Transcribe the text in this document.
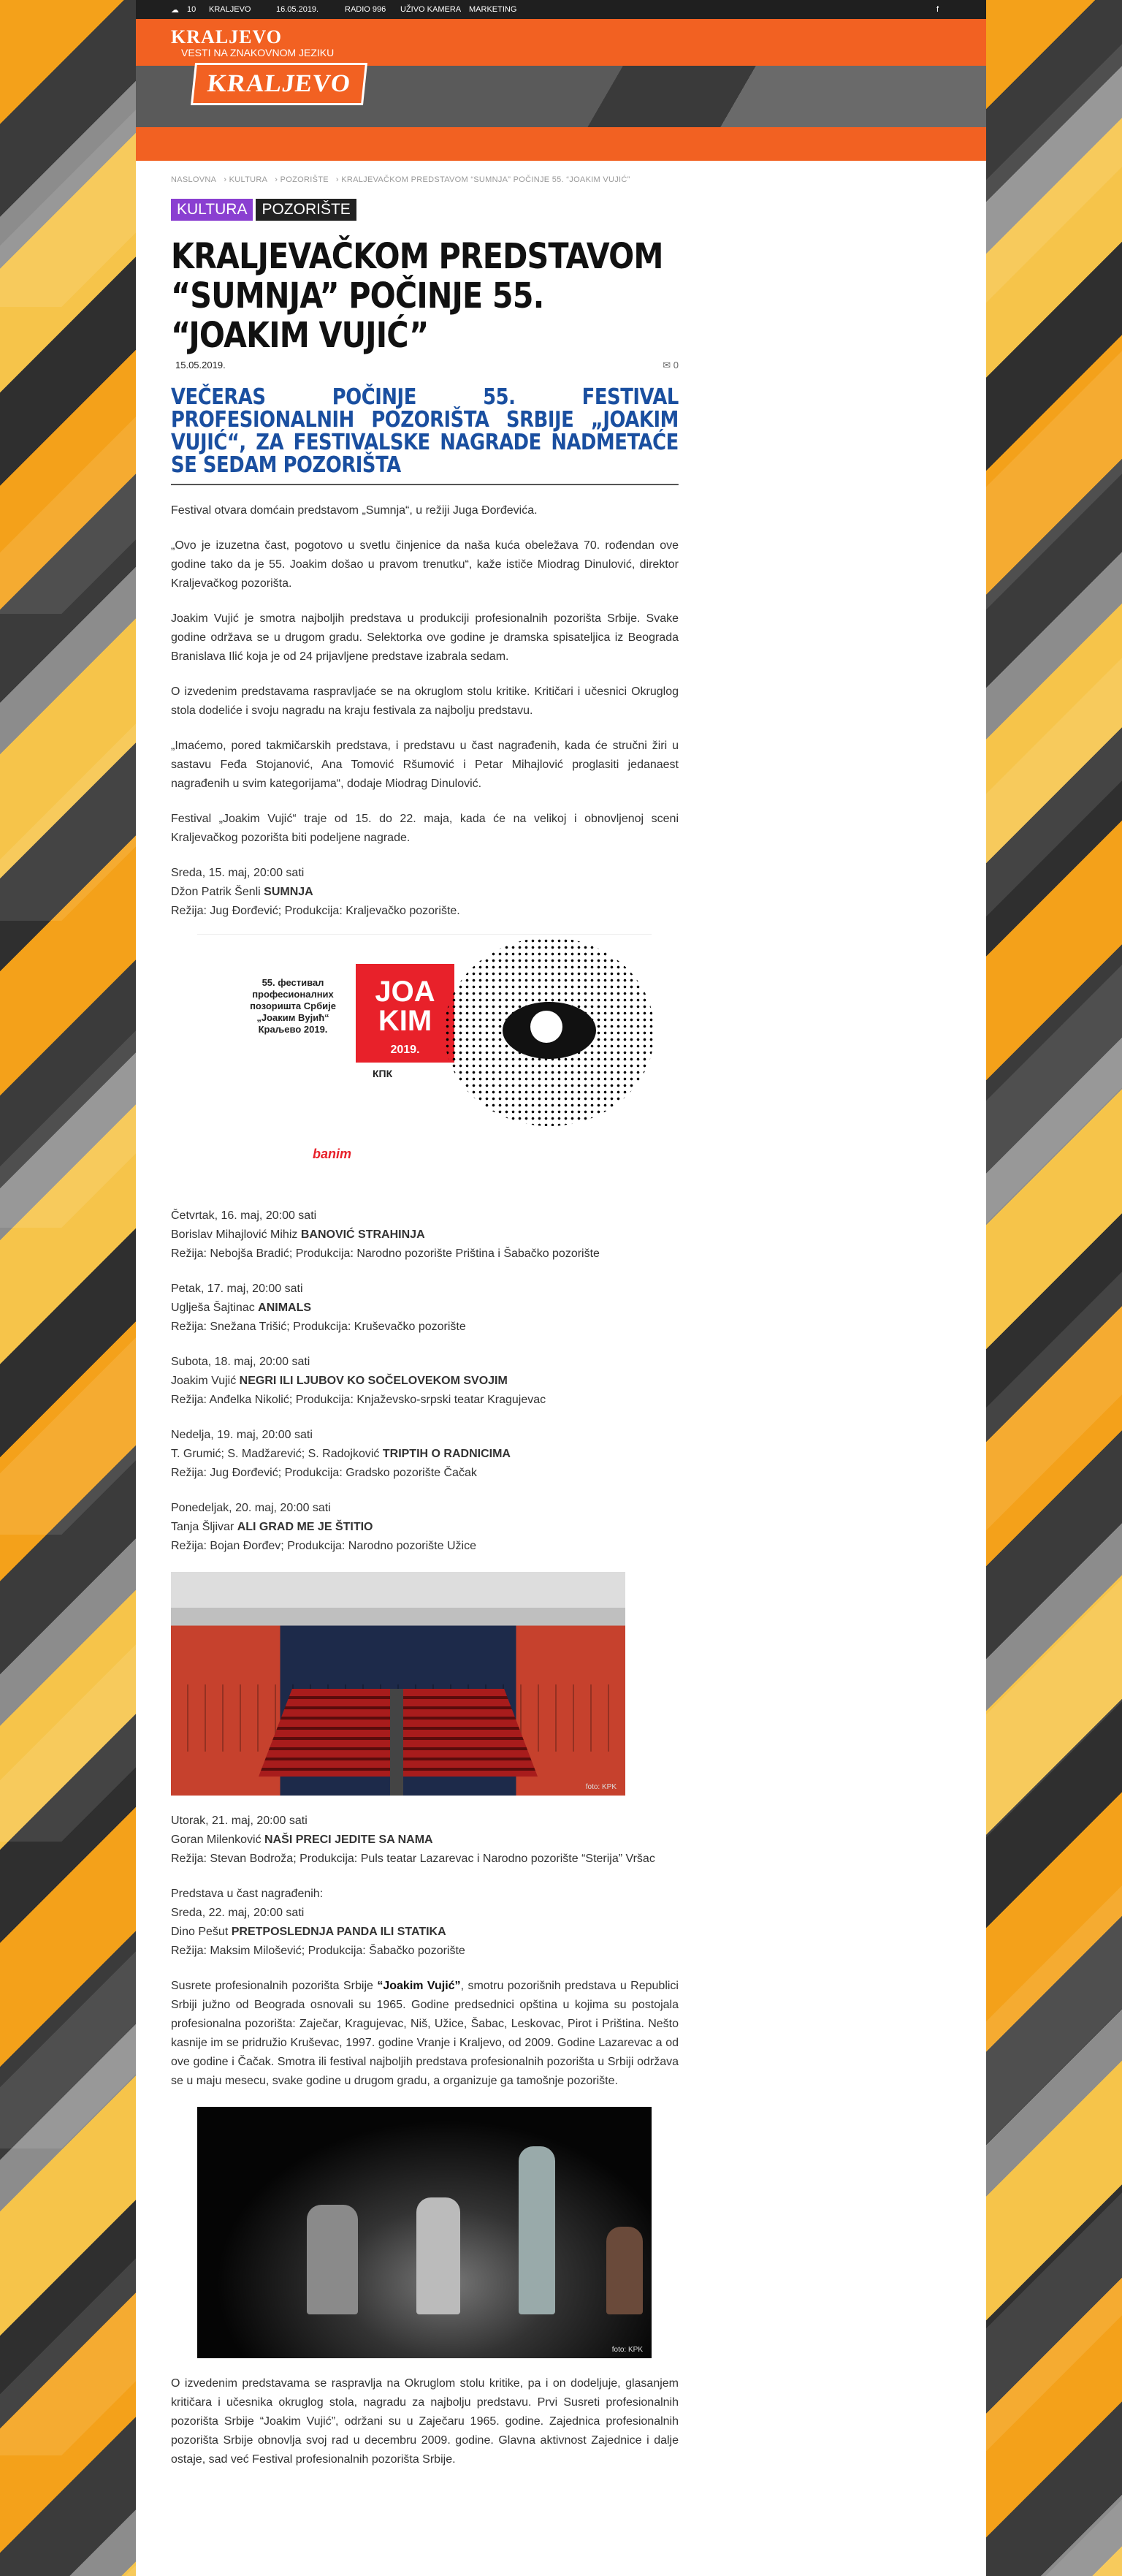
☁ 10 KRALJEVO	16.05.2019.	RADIO 996 UŽIVO KAMERA MARKETING	f
KRALJEVO
VESTI NA ZNAKOVNOM JEZIKU
KRALJEVO
NASLOVNA › KULTURA › POZORIŠTE › KRALJEVAČKOM PREDSTAVOM “SUMNJA” POČINJE 55. “JOAKIM VUJIĆ”
KULTURA POZORIŠTE
KRALJEVAČKOM PREDSTAVOM “SUMNJA” POČINJE 55. “JOAKIM VUJIĆ”
15.05.2019.	✉ 0
VEČERAS POČINJE 55. FESTIVAL PROFESIONALNIH POZORIŠTA SRBIJE „JOAKIM VUJIĆ“, ZA FESTIVALSKE NAGRADE NADMETAĆE SE SEDAM POZORIŠTA

Festival otvara domćain predstavom „Sumnja“, u režiji Juga Đorđevića.

„Ovo je izuzetna čast, pogotovo u svetlu činjenice da naša kuća obeležava 70. rođendan ove godine tako da je 55. Joakim došao u pravom trenutku“, kaže ističe Miodrag Dinulović, direktor Kraljevačkog pozorišta.

Joakim Vujić je smotra najboljih predstava u produkciji profesionalnih pozorišta Srbije. Svake godine održava se u drugom gradu. Selektorka ove godine je dramska spisateljica iz Beograda Branislava Ilić koja je od 24 prijavljene predstave izabrala sedam.

O izvedenim predstavama raspravljaće se na okruglom stolu kritike. Kritičari i učesnici Okruglog stola dodeliće i svoju nagradu na kraju festivala za najbolju predstavu.

„Imaćemo, pored takmičarskih predstava, i predstavu u čast nagrađenih, kada će stručni žiri u sastavu Feđa Stojanović, Ana Tomović Ršumović i Petar Mihajlović proglasiti jedanaest nagrađenih u svim kategorijama“, dodaje Miodrag Dinulović.

Festival „Joakim Vujić“ traje od 15. do 22. maja, kada će na velikoj i obnovljenoj sceni Kraljevačkog pozorišta biti podeljene nagrade.

Sreda, 15. maj, 20:00 sati
Džon Patrik Šenli SUMNJA
Režija: Jug Đorđević; Produkcija: Kraljevačko pozorište.
55. фестивал професионалних позоришта Србије „Јоаким Вујић“ Краљево 2019.
JOA KIM
2019.
КПК
banim
Četvrtak, 16. maj, 20:00 sati
Borislav Mihajlović Mihiz BANOVIĆ STRAHINJA
Režija: Nebojša Bradić; Produkcija: Narodno pozorište Priština i Šabačko pozorište
Petak, 17. maj, 20:00 sati
Uglješa Šajtinac ANIMALS
Režija: Snežana Trišić; Produkcija: Kruševačko pozorište
Subota, 18. maj, 20:00 sati
Joakim Vujić NEGRI ILI LJUBOV KO SOČELOVEKOM SVOJIM
Režija: Anđelka Nikolić; Produkcija: Knjaževsko-srpski teatar Kragujevac
Nedelja, 19. maj, 20:00 sati
T. Grumić; S. Madžarević; S. Radojković TRIPTIH O RADNICIMA
Režija: Jug Đorđević; Produkcija: Gradsko pozorište Čačak
Ponedeljak, 20. maj, 20:00 sati
Tanja Šljivar ALI GRAD ME JE ŠTITIO
Režija: Bojan Đorđev; Produkcija: Narodno pozorište Užice
foto: KPK
Utorak, 21. maj, 20:00 sati
Goran Milenković NAŠI PRECI JEDITE SA NAMA
Režija: Stevan Bodroža; Produkcija: Puls teatar Lazarevac i Narodno pozorište “Sterija” Vršac
Predstava u čast nagrađenih:
Sreda, 22. maj, 20:00 sati
Dino Pešut PRETPOSLEDNJA PANDA ILI STATIKA
Režija: Maksim Milošević; Produkcija: Šabačko pozorište

Susrete profesionalnih pozorišta Srbije “Joakim Vujić”, smotru pozorišnih predstava u Republici Srbiji južno od Beograda osnovali su 1965. Godine predsednici opština u kojima su postojala profesionalna pozorišta: Zaječar, Kragujevac, Niš, Užice, Šabac, Leskovac, Pirot i Priština. Nešto kasnije im se pridružio Kruševac, 1997. godine Vranje i Kraljevo, od 2009. Godine Lazarevac a od ove godine i Čačak. Smotra ili festival najboljih predstava profesionalnih pozorišta u Srbiji održava se u maju mesecu, svake godine u drugom gradu, a organizuje ga tamošnje pozorište.

foto: KPK

O izvedenim predstavama se raspravlja na Okruglom stolu kritike, pa i on dodeljuje, glasanjem kritičara i učesnika okruglog stola, nagradu za najbolju predstavu. Prvi Susreti profesionalnih pozorišta Srbije “Joakim Vujić”, održani su u Zaječaru 1965. godine. Zajednica profesionalnih pozorišta Srbije obnovlja svoj rad u decembru 2009. godine. Glavna aktivnost Zajednice i dalje ostaje, sad već Festival profesionalnih pozorišta Srbije.
